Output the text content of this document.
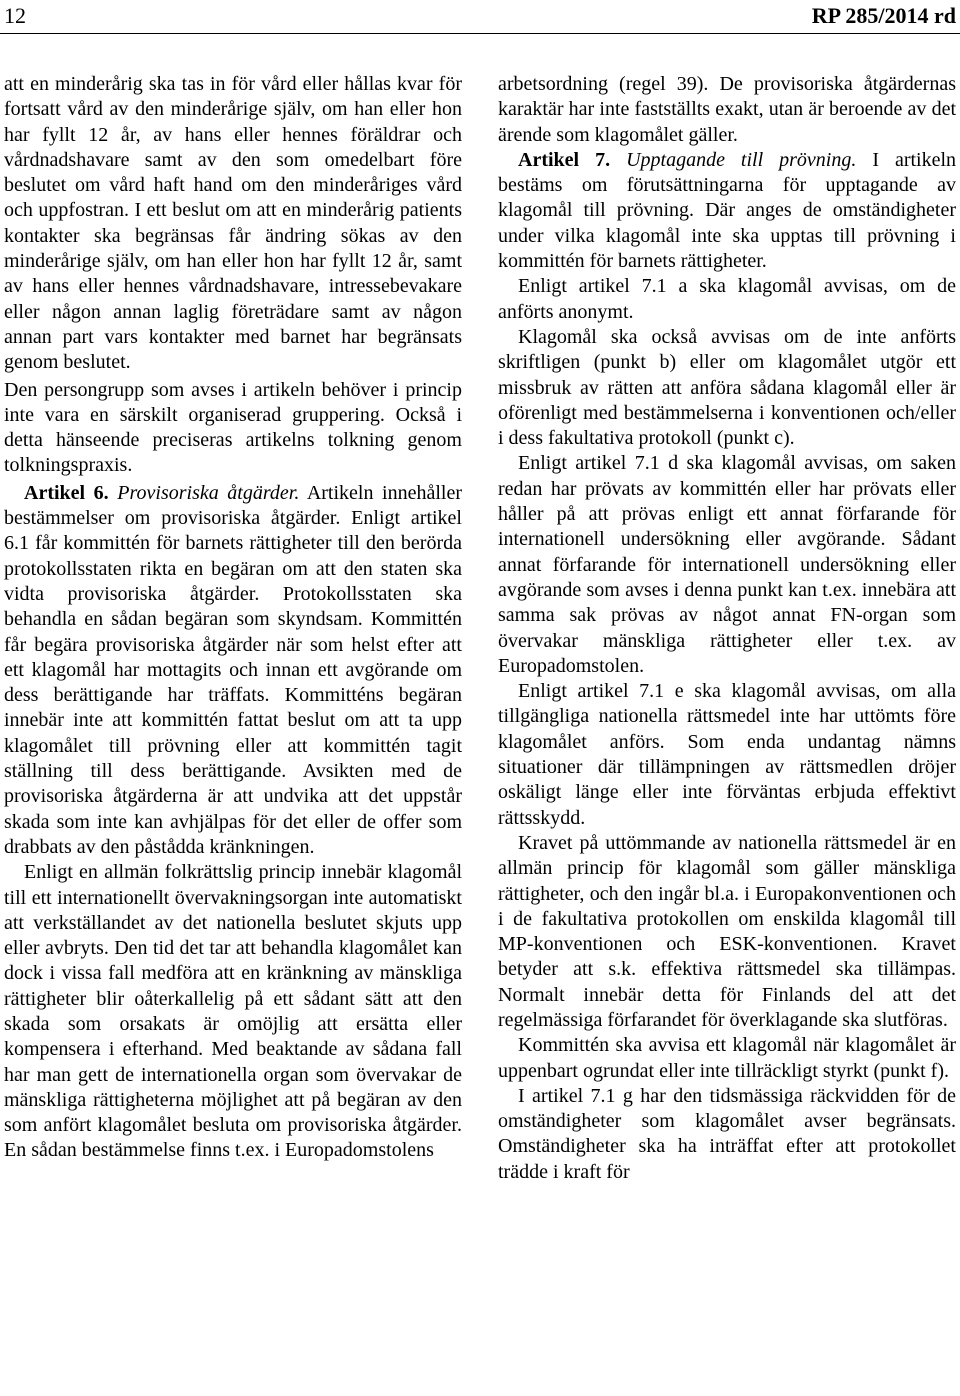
12	RP 285/2014 rd

att en minderårig ska tas in för vård eller hållas kvar för fortsatt vård av den minderårige själv, om han eller hon har fyllt 12 år, av hans eller hennes föräldrar och vårdnadshavare samt av den som omedelbart före beslutet om vård haft hand om den minderåriges vård och uppfostran. I ett beslut om att en minderårig patients kontakter ska begränsas får ändring sökas av den minderårige själv, om han eller hon har fyllt 12 år, samt av hans eller hennes vårdnadshavare, intressebevakare eller någon annan laglig företrädare samt av någon annan part vars kontakter med barnet har begränsats genom beslutet.

Den persongrupp som avses i artikeln behöver i princip inte vara en särskilt organiserad gruppering. Också i detta hänseende preciseras artikelns tolkning genom tolkningspraxis.

Artikel 6. Provisoriska åtgärder. Artikeln innehåller bestämmelser om provisoriska åtgärder. Enligt artikel 6.1 får kommittén för barnets rättigheter till den berörda protokollsstaten rikta en begäran om att den staten ska vidta provisoriska åtgärder. Protokollsstaten ska behandla en sådan begäran som skyndsam. Kommittén får begära provisoriska åtgärder när som helst efter att ett klagomål har mottagits och innan ett avgörande om dess berättigande har träffats. Kommitténs begäran innebär inte att kommittén fattat beslut om att ta upp klagomålet till prövning eller att kommittén tagit ställning till dess berättigande. Avsikten med de provisoriska åtgärderna är att undvika att det uppstår skada som inte kan avhjälpas för det eller de offer som drabbats av den påstådda kränkningen.

Enligt en allmän folkrättslig princip innebär klagomål till ett internationellt övervakningsorgan inte automatiskt att verkställandet av det nationella beslutet skjuts upp eller avbryts. Den tid det tar att behandla klagomålet kan dock i vissa fall medföra att en kränkning av mänskliga rättigheter blir oåterkallelig på ett sådant sätt att den skada som orsakats är omöjlig att ersätta eller kompensera i efterhand. Med beaktande av sådana fall har man gett de internationella organ som övervakar de mänskliga rättigheterna möjlighet att på begäran av den som anfört klagomålet besluta om provisoriska åtgärder. En sådan bestämmelse finns t.ex. i Europadomstolens

arbetsordning (regel 39). De provisoriska åtgärdernas karaktär har inte fastställts exakt, utan är beroende av det ärende som klagomålet gäller.

Artikel 7. Upptagande till prövning. I artikeln bestäms om förutsättningarna för upptagande av klagomål till prövning. Där anges de omständigheter under vilka klagomål inte ska upptas till prövning i kommittén för barnets rättigheter.

Enligt artikel 7.1 a ska klagomål avvisas, om de anförts anonymt.

Klagomål ska också avvisas om de inte anförts skriftligen (punkt b) eller om klagomålet utgör ett missbruk av rätten att anföra sådana klagomål eller är oförenligt med bestämmelserna i konventionen och/eller i dess fakultativa protokoll (punkt c).

Enligt artikel 7.1 d ska klagomål avvisas, om saken redan har prövats av kommittén eller har prövats eller håller på att prövas enligt ett annat förfarande för internationell undersökning eller avgörande. Sådant annat förfarande för internationell undersökning eller avgörande som avses i denna punkt kan t.ex. innebära att samma sak prövas av något annat FN-organ som övervakar mänskliga rättigheter eller t.ex. av Europadomstolen.

Enligt artikel 7.1 e ska klagomål avvisas, om alla tillgängliga nationella rättsmedel inte har uttömts före klagomålet anförs. Som enda undantag nämns situationer där tillämpningen av rättsmedlen dröjer oskäligt länge eller inte förväntas erbjuda effektivt rättsskydd.

Kravet på uttömmande av nationella rättsmedel är en allmän princip för klagomål som gäller mänskliga rättigheter, och den ingår bl.a. i Europakonventionen och i de fakultativa protokollen om enskilda klagomål till MP-konventionen och ESK-konventionen. Kravet betyder att s.k. effektiva rättsmedel ska tillämpas. Normalt innebär detta för Finlands del att det regelmässiga förfarandet för överklagande ska slutföras.

Kommittén ska avvisa ett klagomål när klagomålet är uppenbart ogrundat eller inte tillräckligt styrkt (punkt f).

I artikel 7.1 g har den tidsmässiga räckvidden för de omständigheter som klagomålet avser begränsats. Omständigheter ska ha inträffat efter att protokollet trädde i kraft för
